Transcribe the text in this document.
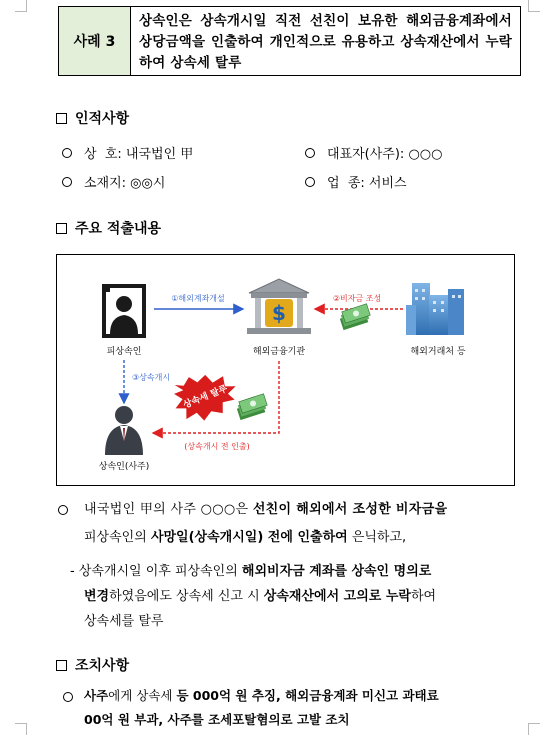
사례 3
상속인은 상속개시일 직전 선친이 보유한 해외금융계좌에서 상당금액을 인출하여 개인적으로 유용하고 상속재산에서 누락하여 상속세 탈루
인적사항
상  호: 내국법인 甲	대표자(사주): ○○○
소재지: ◎◎시	업  종: 서비스
주요 적출내용
피상속인
$
해외금융기관	해외거래처 등
①해외계좌개설	②비자금 조성
③상속개시
상속인(사주)
(상속개시 전 인출)
상속세 탈루
내국법인 甲의 사주 ○○○은 선친이 해외에서 조성한 비자금을
피상속인의 사망일(상속개시일) 전에 인출하여 은닉하고,
- 상속개시일 이후 피상속인의 해외비자금 계좌를 상속인 명의로
변경하였음에도 상속세 신고 시 상속재산에서 고의로 누락하여
상속세를 탈루
조치사항
사주에게 상속세 등 000억 원 추징, 해외금융계좌 미신고 과태료
00억 원 부과, 사주를 조세포탈혐의로 고발 조치
